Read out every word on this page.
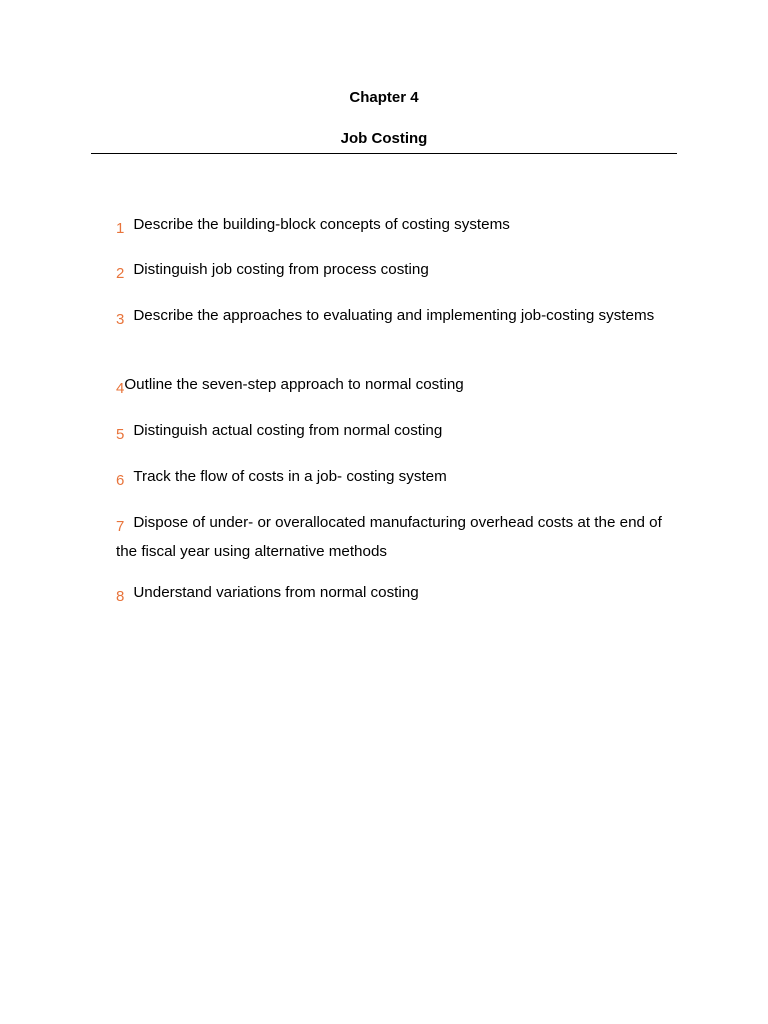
Chapter 4
Job Costing
1 Describe the building-block concepts of costing systems
2 Distinguish job costing from process costing
3 Describe the approaches to evaluating and implementing job-costing systems
4Outline the seven-step approach to normal costing
5 Distinguish actual costing from normal costing
6 Track the flow of costs in a job- costing system
7 Dispose of under- or overallocated manufacturing overhead costs at the end of the fiscal year using alternative methods
8 Understand variations from normal costing
